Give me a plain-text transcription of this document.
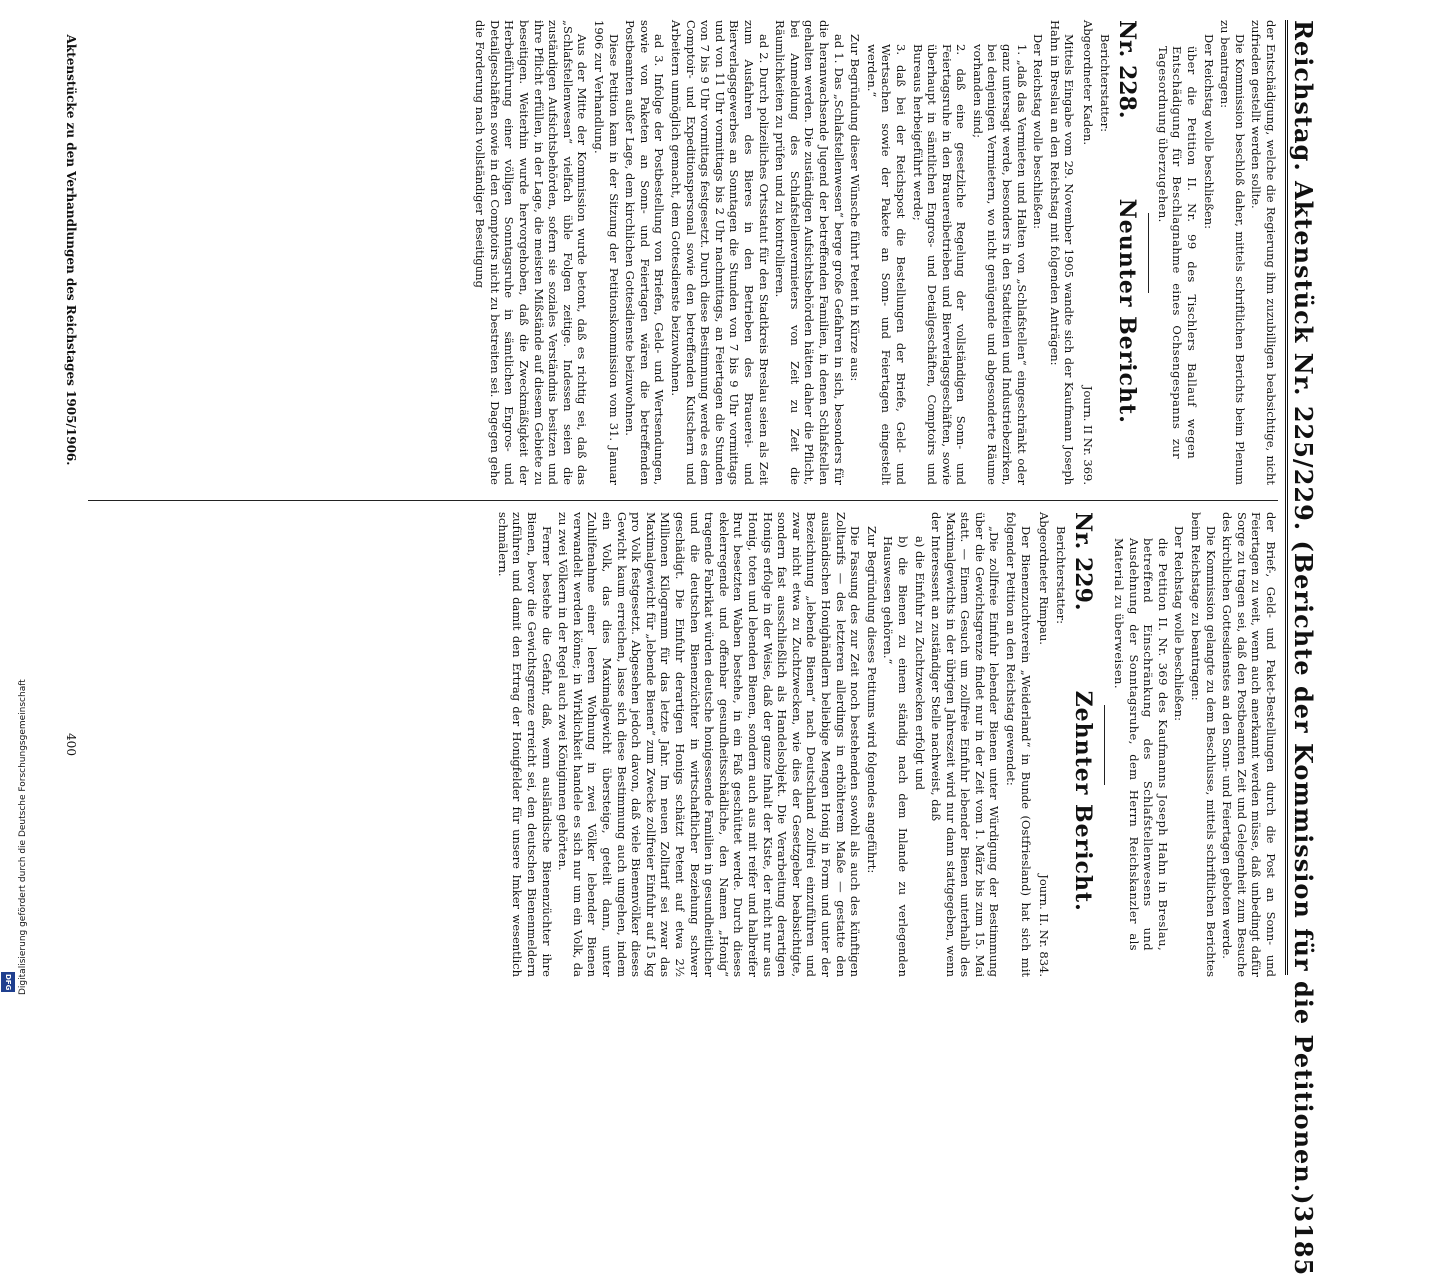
Reichstag. Aktenstück Nr. 225/229. (Berichte der Kommission für die Petitionen.)
3185

der Entschädigung, welche die Regierung ihm zuzubilligen beabsichtige, nicht zufrieden gestellt werden sollte.

Die Kommission beschloß daher, mittels schriftlichen Berichts beim Plenum zu beantragen:

Der Reichstag wolle beschließen:

über die Petition II. Nr. 99 des Tischlers Ballauf wegen Entschädigung für Beschlagnahme eines Ochsengespanns zur Tagesordnung überzugehen.

Nr. 228.
Neunter Bericht.

Berichterstatter:

Abgeordneter Kaden.
Journ. II Nr. 369.

Mittels Eingabe vom 29. November 1905 wandte sich der Kaufmann Joseph Hahn in Breslau an den Reichstag mit folgenden Anträgen:

Der Reichstag wolle beschließen:

1. „daß das Vermieten und Halten von „Schlafstellen“ eingeschränkt oder ganz untersagt werde, besonders in den Stadtteilen und Industriebezirken, bei denjenigen Vermietern, wo nicht genügende und abgesonderte Räume vorhanden sind;

2. daß eine gesetzliche Regelung der vollständigen Sonn- und Feiertagsruhe in den Brauereibetrieben und Bierverlagsgeschäften, sowie überhaupt in sämtlichen Engros- und Detailgeschäften, Comptoirs und Bureaus herbeigeführt werde;

3. daß bei der Reichspost die Bestellungen der Briefe, Geld- und Wertsachen sowie der Pakete an Sonn- und Feiertagen eingestellt werden.“

Zur Begründung dieser Wünsche führt Petent in Kürze aus:

ad 1. Das „Schlafstellenwesen“ berge große Gefahren in sich, besonders für die heranwachsende Jugend der betreffenden Familien, in denen Schlafstellen gehalten werden. Die zuständigen Aufsichtsbehörden hätten daher die Pflicht, bei Anmeldung des Schlafstellenvermieters von Zeit zu Zeit die Räumlichkeiten zu prüfen und zu kontrollieren.

ad 2. Durch polizeiliches Ortsstatut für den Stadtkreis Breslau seien als Zeit zum Ausfahren des Bieres in den Betrieben des Brauerei- und Bierverlagsgewerbes an Sonntagen die Stunden von 7 bis 9 Uhr vormittags und von 11 Uhr vormittags bis 2 Uhr nachmittags, an Feiertagen die Stunden von 7 bis 9 Uhr vormittags festgesetzt. Durch diese Bestimmung werde es dem Comptoir- und Expeditionspersonal sowie den betreffenden Kutschern und Arbeitern unmöglich gemacht, dem Gottesdienste beizuwohnen.

ad 3. Infolge der Postbestellung von Briefen, Geld- und Wertsendungen, sowie von Paketen an Sonn- und Feiertagen wären die betreffenden Postbeamten außer Lage, dem kirchlichen Gottesdienste beizuwohnen.

Diese Petition kam in der Sitzung der Petitionskommission vom 31. Januar 1906 zur Verhandlung.

Aus der Mitte der Kommission wurde betont, daß es richtig sei, daß das „Schlafstellenwesen“ vielfach üble Folgen zeitige. Indessen seien die zuständigen Aufsichtsbehörden, sofern sie soziales Verständnis besitzen und ihre Pflicht erfüllen, in der Lage, die meisten Mißstände auf diesem Gebiete zu beseitigen. Weiterhin wurde hervorgehoben, daß die Zweckmäßigkeit der Herbeiführung einer völligen Sonntagsruhe in sämtlichen Engros- und Detailgeschäften sowie in den Comptoirs nicht zu bestreiten sei. Dagegen gehe die Forderung nach vollständiger Beseitigung

Aktenstücke zu den Verhandlungen des Reichstages 1905/1906.

der Brief-, Geld- und Paket-Bestellungen durch die Post an Sonn- und Feiertagen zu weit, wenn auch anerkannt werden müsse, daß unbedingt dafür Sorge zu tragen sei, daß den Postbeamten Zeit und Gelegenheit zum Besuche des kirchlichen Gottesdienstes an den Sonn- und Feiertagen geboten werde.

Die Kommission gelangte zu dem Beschlusse, mittels schriftlichen Berichtes beim Reichstage zu beantragen:

Der Reichstag wolle beschließen:

die Petition II. Nr. 369 des Kaufmanns Joseph Hahn in Breslau, betreffend Einschränkung des Schlafstellenwesens und Ausdehnung der Sonntagsruhe, dem Herrn Reichskanzler als Material zu überweisen.

Nr. 229.
Zehnter Bericht.

Berichterstatter:

Abgeordneter Rimpau.
Journ. II. Nr. 834.

Der Bienenzuchtverein „Weiderland“ in Bunde (Ostfriesland) hat sich mit folgender Petition an den Reichstag gewendet:

„Die zollfreie Einfuhr lebender Bienen unter Würdigung der Bestimmung über die Gewichtsgrenze findet nur in der Zeit vom 1. März bis zum 15. Mai statt. — Einem Gesuch um zollfreie Einfuhr lebender Bienen unterhalb des Maximalgewichts in der übrigen Jahreszeit wird nur dann stattgegeben, wenn der Interessent an zuständiger Stelle nachweist, daß

a) die Einfuhr zu Zuchtzwecken erfolgt und

b) die Bienen zu einem ständig nach dem Inlande zu verlegenden Hauswesen gehören.“

Zur Begründung dieses Petitums wird folgendes angeführt:

Die Fassung des zur Zeit noch bestehenden sowohl als auch des künftigen Zolltarifs — des letzteren allerdings in erhöhterem Maße — gestatte den ausländischen Honighändlern beliebige Mengen Honig in Form und unter der Bezeichnung „lebende Bienen“ nach Deutschland zollfrei einzuführen und zwar nicht etwa zu Zuchtzwecken, wie dies der Gesetzgeber beabsichtigte, sondern fast ausschließlich als Handelsobjekt. Die Verarbeitung derartigen Honigs erfolge in der Weise, daß der ganze Inhalt der Kiste, der nicht nur aus Honig, toten und lebenden Bienen, sondern auch aus mit reifer und halbreifer Brut besetzten Waben bestehe, in ein Faß geschüttet werde. Durch dieses ekelerregende und offenbar gesundheitsschädliche, den Namen „Honig“ tragende Fabrikat würden deutsche honigessende Familien in gesundheitlicher und die deutschen Bienenzüchter in wirtschaftlicher Beziehung schwer geschädigt. Die Einfuhr derartigen Honigs schätzt Petent auf etwa 2½ Millionen Kilogramm für das letzte Jahr. Im neuen Zolltarif sei zwar das Maximalgewicht für „lebende Bienen“ zum Zwecke zollfreier Einfuhr auf 15 kg pro Volk festgesetzt. Abgesehen jedoch davon, daß viele Bienenvölker dieses Gewicht kaum erreichen, lasse sich diese Bestimmung auch umgehen, indem ein Volk, das dies Maximalgewicht übersteige, geteilt dann, unter Zuhilfenahme einer leeren Wohnung in zwei Völker lebender Bienen verwandelt werden könne; in Wirklichkeit handele es sich nur um ein Volk, da zu zwei Völkern in der Regel auch zwei Königinnen gehörten.

Ferner bestehe die Gefahr, daß, wenn ausländische Bienenzüchter ihre Bienen, bevor die Gewichtsgrenze erreicht sei, den deutschen Bienenmeldern zuführen und damit den Ertrag der Honigfelder für unsere Imker wesentlich schmälern.

400
Digitalisierung gefördert durch die Deutsche Forschungsgemeinschaft
DFG
